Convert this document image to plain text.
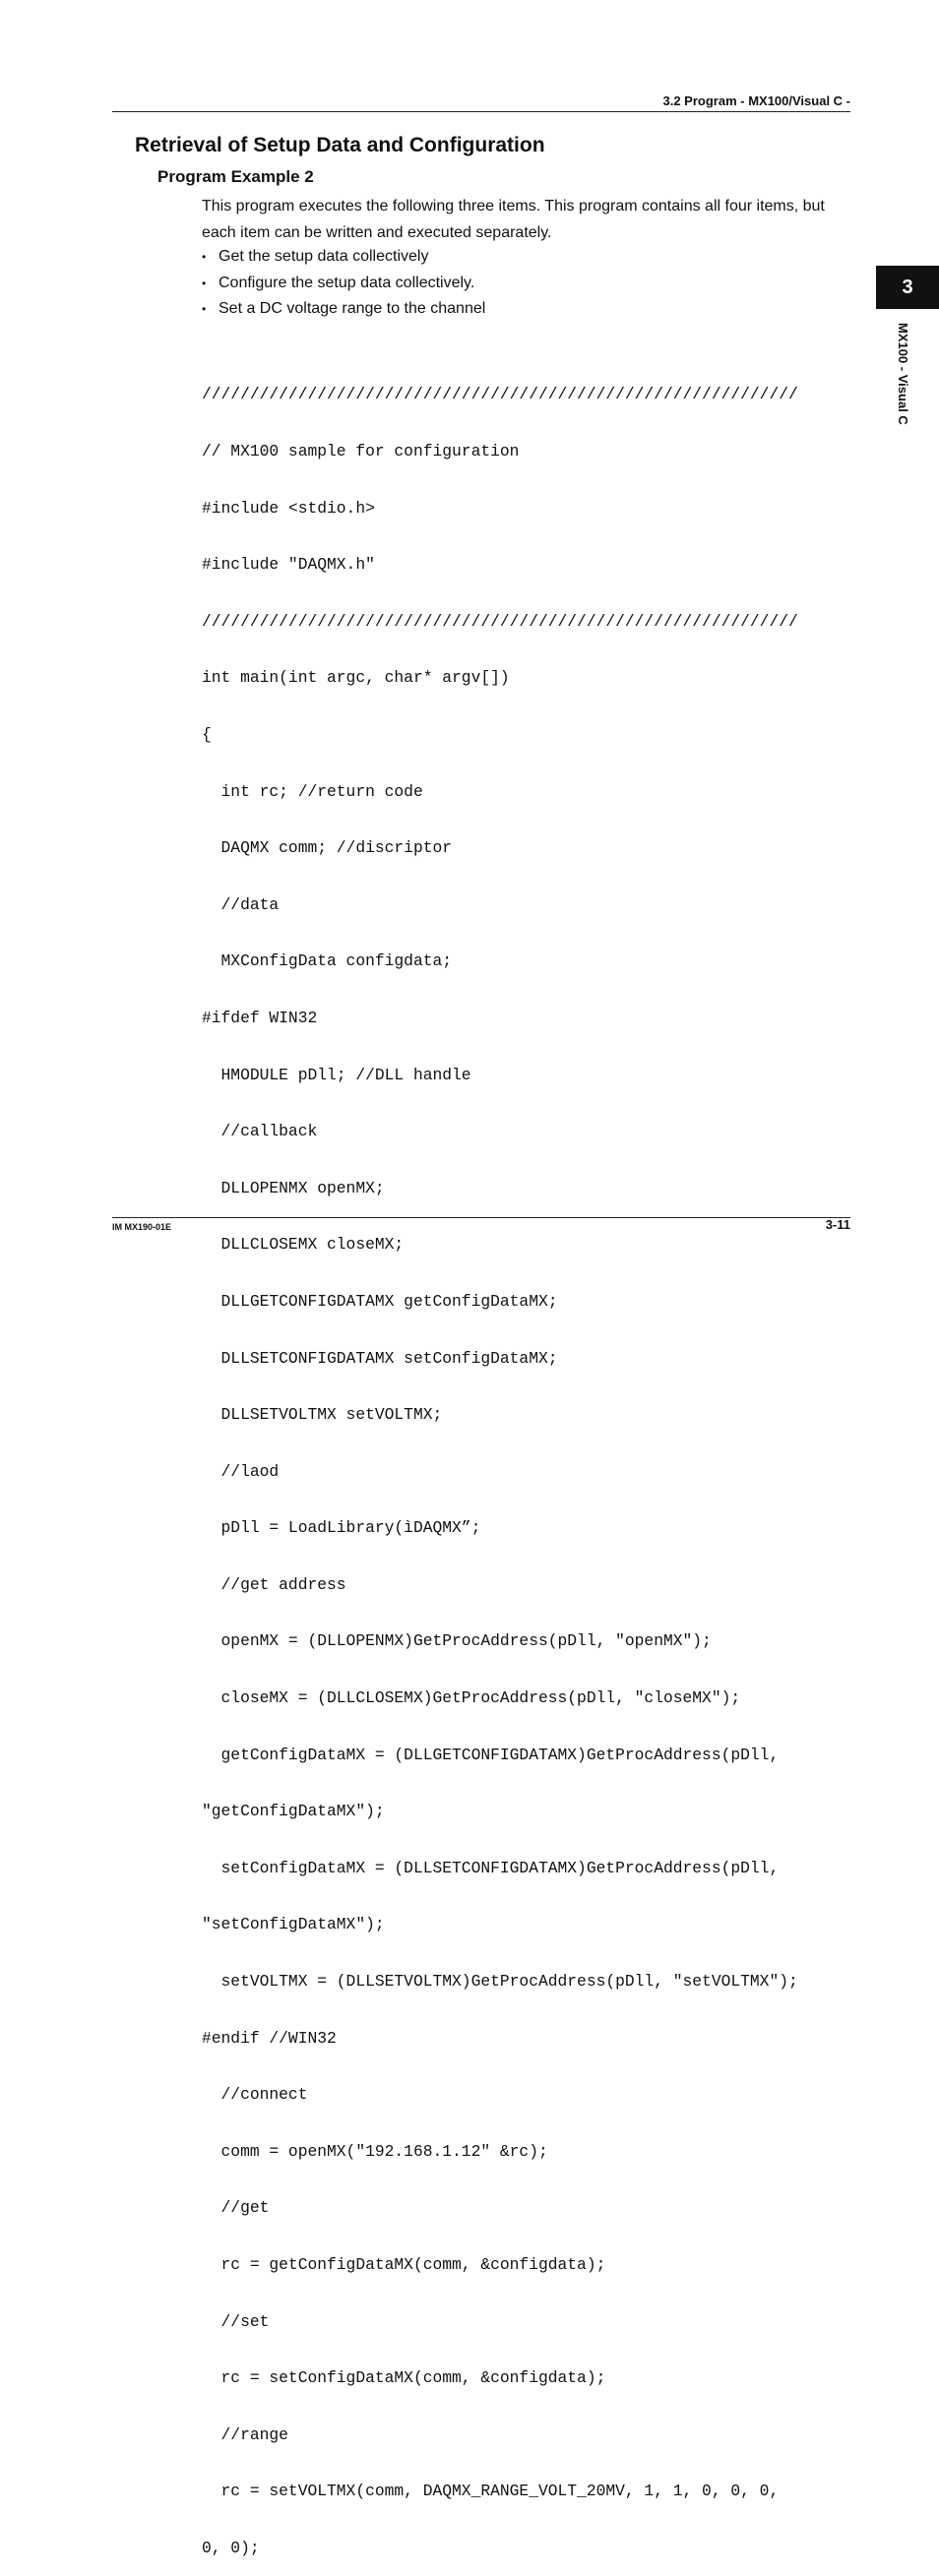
3.2 Program - MX100/Visual C -
Retrieval of Setup Data and Configuration
Program Example 2

This program executes the following three items. This program contains all four items, but each item can be written and executed separately.

• Get the setup data collectively
• Configure the setup data collectively.
• Set a DC voltage range to the channel

//////////////////////////////////////////////////////////////

// MX100 sample for configuration

#include <stdio.h>

#include "DAQMX.h"

//////////////////////////////////////////////////////////////

int main(int argc, char* argv[])

{

int rc; //return code

DAQMX comm; //discriptor

//data

MXConfigData configdata;

#ifdef WIN32

HMODULE pDll; //DLL handle

//callback

DLLOPENMX openMX;

DLLCLOSEMX closeMX;

DLLGETCONFIGDATAMX getConfigDataMX;

DLLSETCONFIGDATAMX setConfigDataMX;

DLLSETVOLTMX setVOLTMX;

//laod

pDll = LoadLibrary(ìDAQMX”;

//get address

openMX = (DLLOPENMX)GetProcAddress(pDll, "openMX");

closeMX = (DLLCLOSEMX)GetProcAddress(pDll, "closeMX");

getConfigDataMX = (DLLGETCONFIGDATAMX)GetProcAddress(pDll,

"getConfigDataMX");

setConfigDataMX = (DLLSETCONFIGDATAMX)GetProcAddress(pDll,

"setConfigDataMX");

setVOLTMX = (DLLSETVOLTMX)GetProcAddress(pDll, "setVOLTMX");

#endif //WIN32

//connect

comm = openMX("192.168.1.12" &rc);

//get

rc = getConfigDataMX(comm, &configdata);

//set

rc = setConfigDataMX(comm, &configdata);

//range

rc = setVOLTMX(comm, DAQMX_RANGE_VOLT_20MV, 1, 1, 0, 0, 0,

0, 0);

3
MX100 - Visual C
IM MX190-01E	3-11
